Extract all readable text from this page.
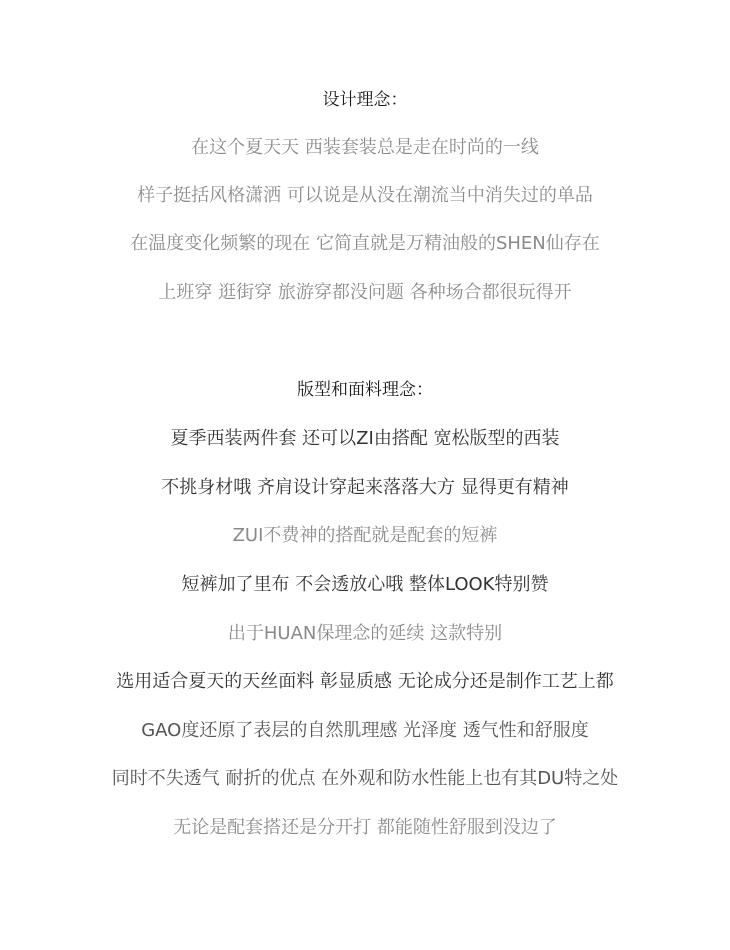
设计理念：
在这个夏天天 西装套装总是走在时尚的一线
样子挺括风格潇洒 可以说是从没在潮流当中消失过的单品
在温度变化频繁的现在 它简直就是万精油般的SHEN仙存在
上班穿 逛街穿 旅游穿都没问题 各种场合都很玩得开
版型和面料理念：
夏季西装两件套 还可以ZI由搭配 宽松版型的西装
不挑身材哦 齐肩设计穿起来落落大方 显得更有精神
ZUI不费神的搭配就是配套的短裤
短裤加了里布 不会透放心哦 整体LOOK特别赞
出于HUAN保理念的延续 这款特别
选用适合夏天的天丝面料 彰显质感 无论成分还是制作工艺上都
GAO度还原了表层的自然肌理感 光泽度 透气性和舒服度
同时不失透气 耐折的优点 在外观和防水性能上也有其DU特之处
无论是配套搭还是分开打 都能随性舒服到没边了
